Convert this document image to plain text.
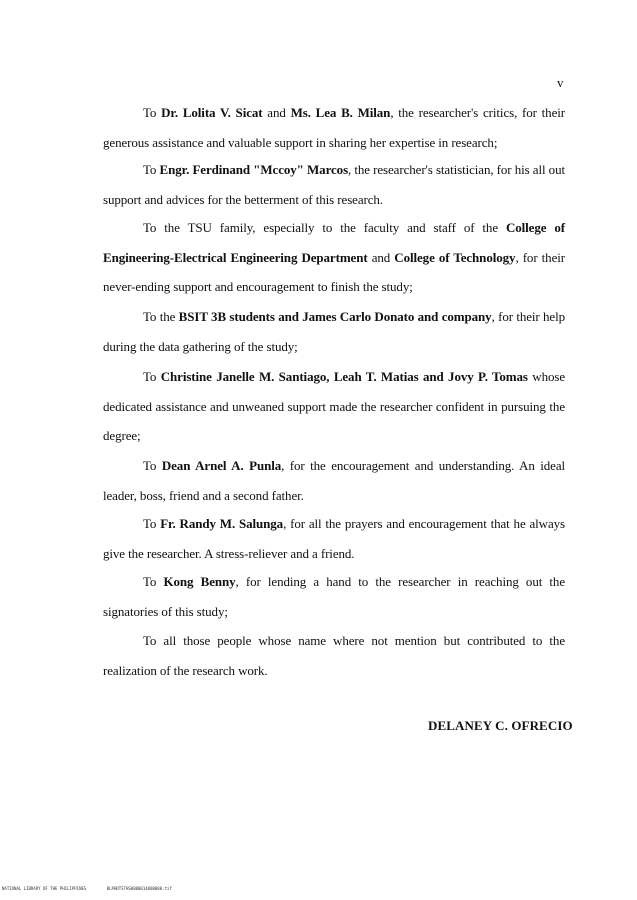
v

To Dr. Lolita V. Sicat and Ms. Lea B. Milan, the researcher's critics, for their generous assistance and valuable support in sharing her expertise in research;

To Engr. Ferdinand "Mccoy" Marcos, the researcher's statistician, for his all out support and advices for the betterment of this research.

To the TSU family, especially to the faculty and staff of the College of Engineering-Electrical Engineering Department and College of Technology, for their never-ending support and encouragement to finish the study;

To the BSIT 3B students and James Carlo Donato and company, for their help during the data gathering of the study;

To Christine Janelle M. Santiago, Leah T. Matias and Jovy P. Tomas whose dedicated assistance and unweaned support made the researcher confident in pursuing the degree;

To Dean Arnel A. Punla, for the encouragement and understanding. An ideal leader, boss, friend and a second father.

To Fr. Randy M. Salunga, for all the prayers and encouragement that he always give the researcher. A stress-reliever and a friend.

To Kong Benny, for lending a hand to the researcher in reaching out the signatories of this study;

To all those people whose name where not mention but contributed to the realization of the research work.

DELANEY C. OFRECIO
NATIONAL LIBRARY OF THE PHILIPPINES	BLPHDTSTHS0000014000000.tif
